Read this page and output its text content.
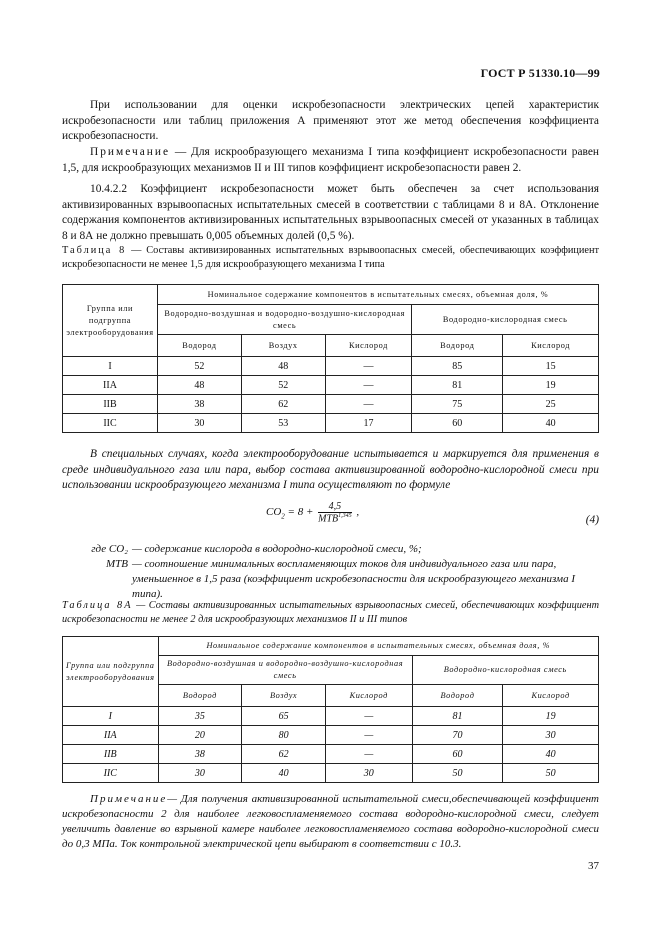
ГОСТ Р 51330.10—99
При использовании для оценки искробезопасности электрических цепей характеристик искробезопасности или таблиц приложения А применяют этот же метод обеспечения коэффициента искробезопасности.
Примечание — Для искрообразующего механизма I типа коэффициент искробезопасности равен 1,5, для искрообразующих механизмов II и III типов коэффициент искробезопасности равен 2.
10.4.2.2 Коэффициент искробезопасности может быть обеспечен за счет использования активизированных взрывоопасных испытательных смесей в соответствии с таблицами 8 и 8А. Отклонение содержания компонентов активизированных испытательных взрывоопасных смесей от указанных в таблицах 8 и 8А не должно превышать 0,005 объемных долей (0,5 %).
Таблица 8 — Составы активизированных испытательных взрывоопасных смесей, обеспечивающих коэффициент искробезопасности не менее 1,5 для искрообразующего механизма I типа
Группа или подгруппа электрооборудования	Номинальное содержание компонентов в испытательных смесях, объемная доля, %				
	Водородно-воздушная и водородно-воздушно-кислородная смесь			Водородно-кислородная смесь	
	Водород	Воздух	Кислород	Водород	Кислород
I	52	48	—	85	15
IIA	48	52	—	81	19
IIB	38	62	—	75	25
IIC	30	53	17	60	40
В специальных случаях, когда электрооборудование испытывается и маркируется для применения в среде индивидуального газа или пара, выбор состава активизированной водородно-кислородной смеси при использовании искрообразующего механизма I типа осуществляют по формуле
$CO_2 = 8 + \frac{4,5}{MTB^{1,345}}$ ,
(4)
где CO₂ — содержание кислорода в водородно-кислородной смеси, %;
MTB — соотношение минимальных воспламеняющих токов для индивидуального газа или пара, уменьшенное в 1,5 раза (коэффициент искробезопасности для искрообразующего механизма I типа).
Таблица 8А — Составы активизированных испытательных взрывоопасных смесей, обеспечивающих коэффициент искробезопасности не менее 2 для искрообразующих механизмов II и III типов
Группа или подгруппа электрооборудования	Номинальное содержание компонентов в испытательных смесях, объемная доля, %				
	Водородно-воздушная и водородно-воздушно-кислородная смесь			Водородно-кислородная смесь	
	Водород	Воздух	Кислород	Водород	Кислород
I	35	65	—	81	19
IIA	20	80	—	70	30
IIB	38	62	—	60	40
IIC	30	40	30	50	50
Примечание— Для получения активизированной испытательной смеси,обеспечивающей коэффициент искробезопасности 2 для наиболее легковоспламеняемого состава водородно-кислородной смеси, следует увеличить давление во взрывной камере наиболее легковоспламеняемого состава водородно-кислородной смеси до 0,3 МПа. Ток контрольной электрической цепи выбирают в соответствии с 10.3.
37
